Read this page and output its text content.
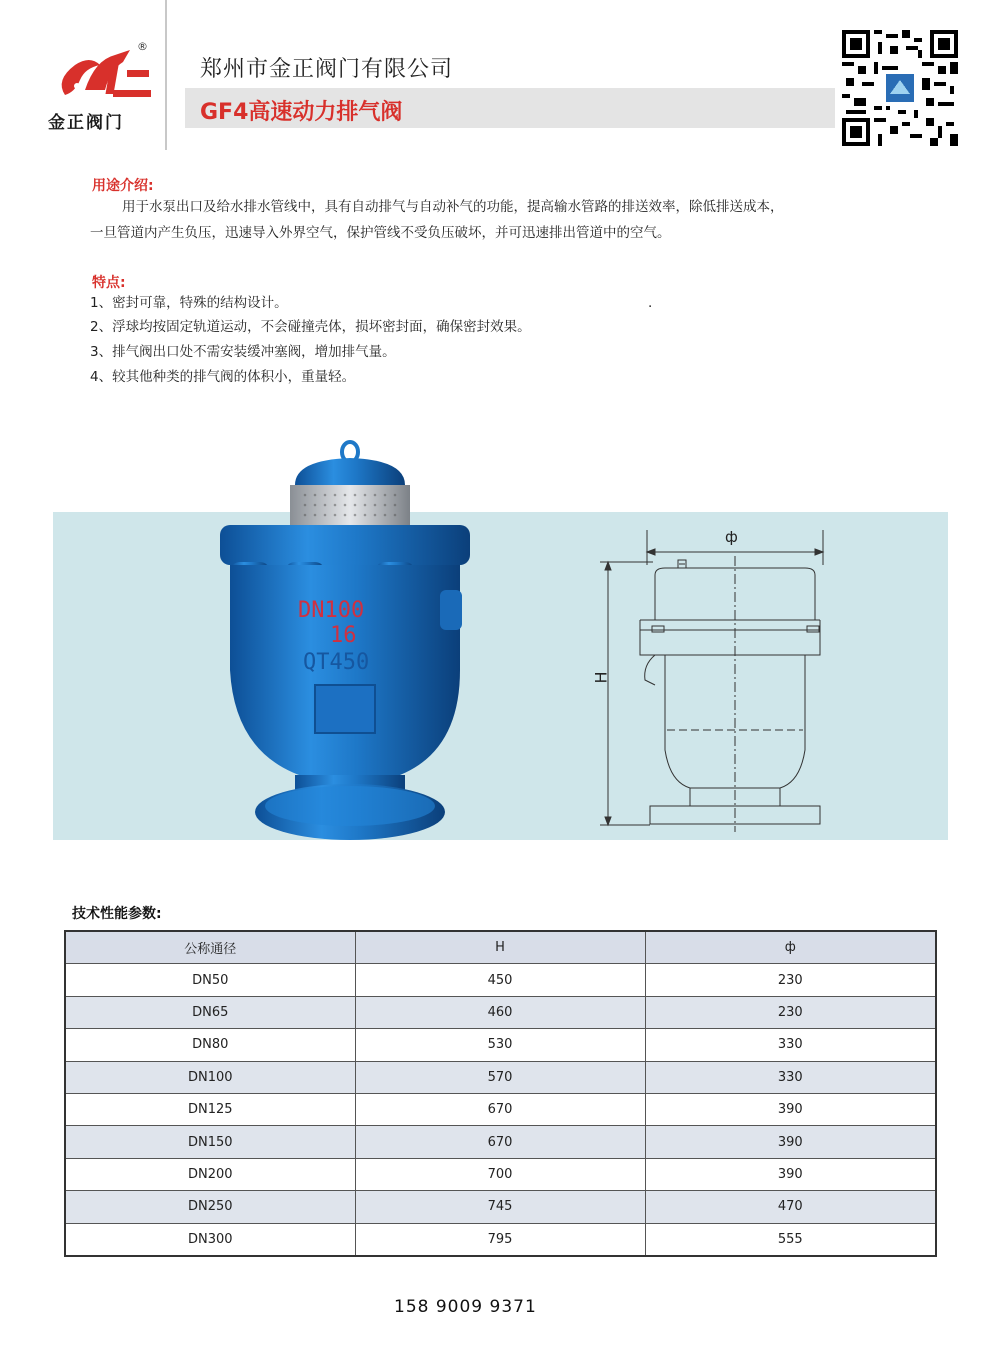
®
金正阀门
郑州市金正阀门有限公司
GF4高速动力排气阀
用途介绍:
用于水泵出口及给水排水管线中，具有自动排气与自动补气的功能，提高输水管路的排送效率，除低排送成本，
一旦管道内产生负压，迅速导入外界空气，保护管线不受负压破坏，并可迅速排出管道中的空气。
特点:
1、密封可靠，特殊的结构设计。	.
2、浮球均按固定轨道运动，不会碰撞壳体，损坏密封面，确保密封效果。
3、排气阀出口处不需安装缓冲塞阀，增加排气量。
4、较其他种类的排气阀的体积小，重量轻。
DN100
16
QT450
ф
H
技术性能参数:
公称通径	H	ф
DN50	450	230
DN65	460	230
DN80	530	330
DN100	570	330
DN125	670	390
DN150	670	390
DN200	700	390
DN250	745	470
DN300	795	555
158 9009 9371
